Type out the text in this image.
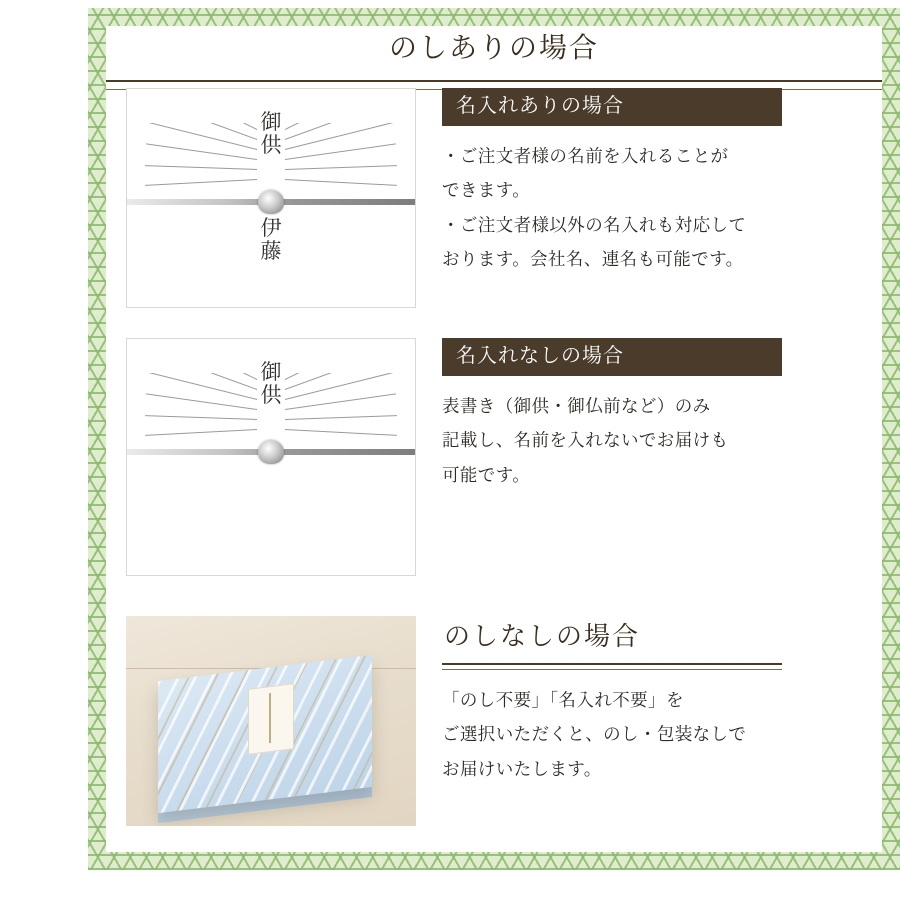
のしありの場合
御供
伊藤
名入れありの場合

・ご注文者様の名前を入れることが

できます。

・ご注文者様以外の名入れも対応して

おります。会社名、連名も可能です。

御供
名入れなしの場合

表書き（御供・御仏前など）のみ

記載し、名前を入れないでお届けも

可能です。

のしなしの場合

「のし不要」「名入れ不要」を

ご選択いただくと、のし・包装なしで

お届けいたします。
